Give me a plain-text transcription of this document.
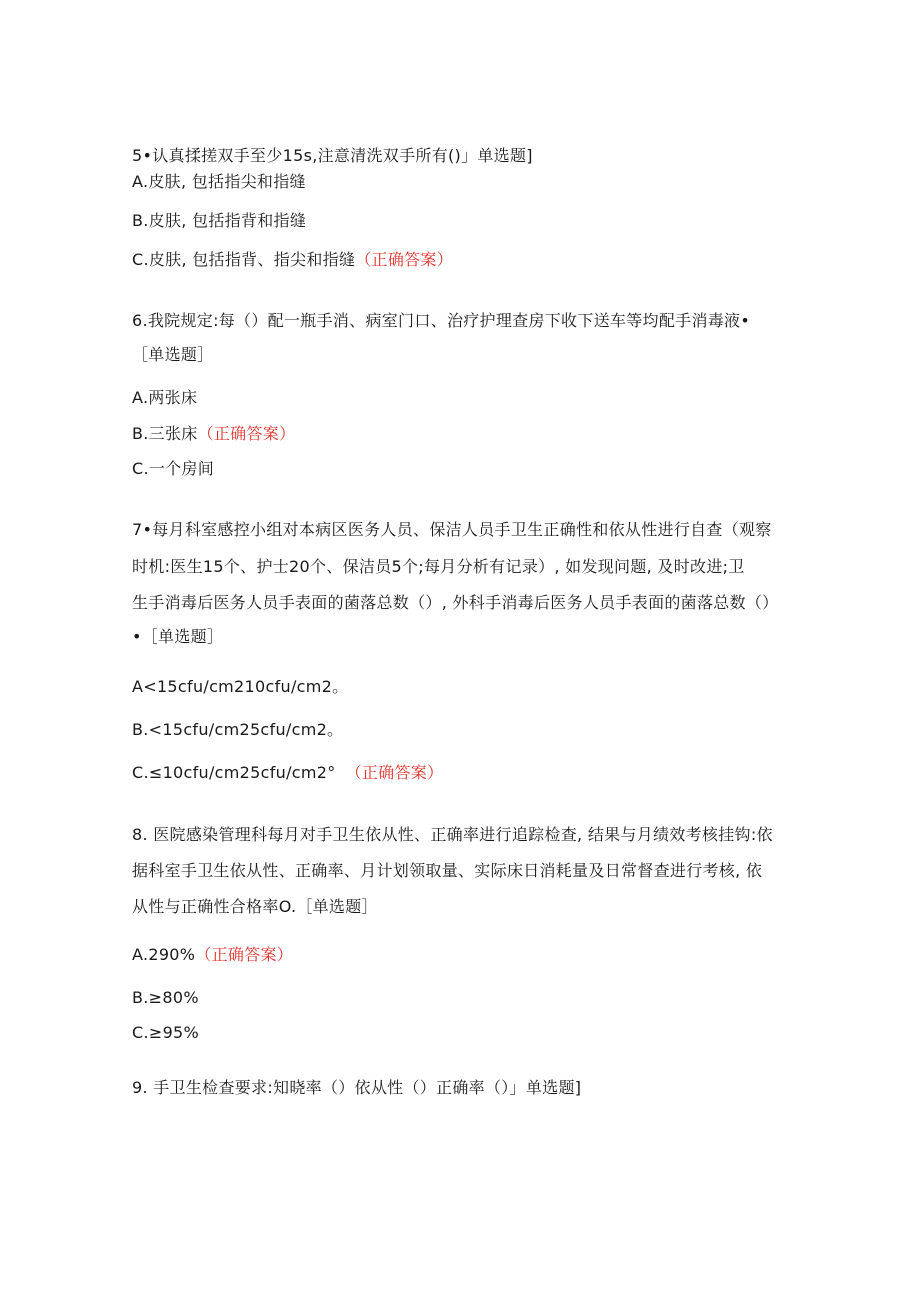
5•认真揉搓双手至少15s,注意清洗双手所有()」单选题]
A.皮肤, 包括指尖和指缝
B.皮肤, 包括指背和指缝
C.皮肤, 包括指背、指尖和指缝（正确答案）
6.我院规定:每（）配一瓶手消、病室门口、治疗护理查房下收下送车等均配手消毒液•
［单选题］
A.两张床
B.三张床（正确答案）
C.一个房间
7•每月科室感控小组对本病区医务人员、保洁人员手卫生正确性和依从性进行自查（观察
时机:医生15个、护士20个、保洁员5个;每月分析有记录）, 如发现问题, 及时改进;卫
生手消毒后医务人员手表面的菌落总数（）, 外科手消毒后医务人员手表面的菌落总数（）
•［单选题］
A<15cfu∕cm210cfu∕cm2。
B.<15cfu∕cm25cfu∕cm2。
C.≤10cfu∕cm25cfu∕cm2° （正确答案）
8. 医院感染管理科每月对手卫生依从性、正确率进行追踪检查, 结果与月绩效考核挂钩:依
据科室手卫生依从性、正确率、月计划领取量、实际床日消耗量及日常督查进行考核, 依
从性与正确性合格率O.［单选题］
A.290%（正确答案）
B.≥80%
C.≥95%
9. 手卫生检查要求:知晓率（）依从性（）正确率（）」单选题]
